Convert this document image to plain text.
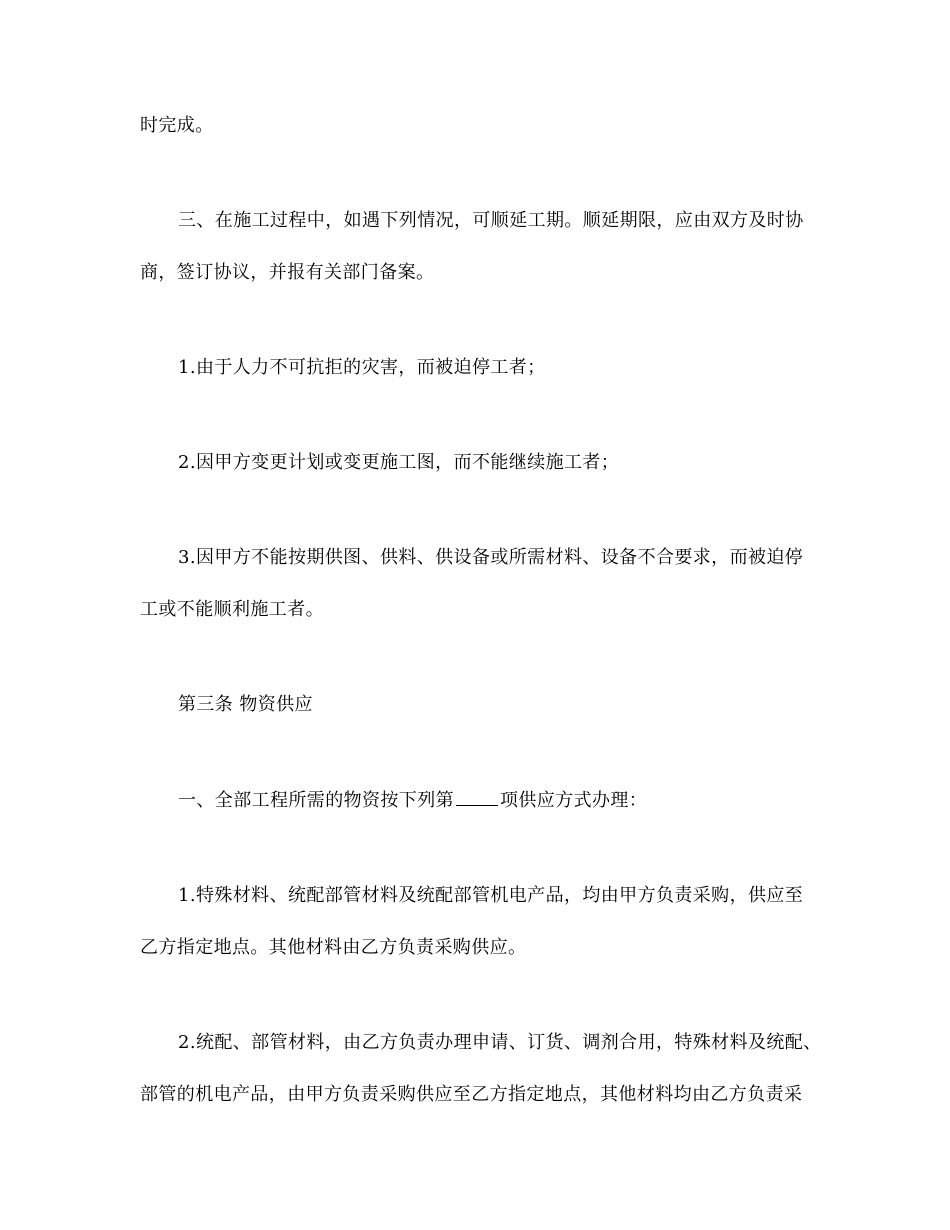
时完成。
三、在施工过程中，如遇下列情况，可顺延工期。顺延期限，应由双方及时协
商，签订协议，并报有关部门备案。
1.由于人力不可抗拒的灾害，而被迫停工者；
2.因甲方变更计划或变更施工图，而不能继续施工者；
3.因甲方不能按期供图、供料、供设备或所需材料、设备不合要求，而被迫停
工或不能顺利施工者。
第三条 物资供应
一、全部工程所需的物资按下列第	项供应方式办理：
1.特殊材料、统配部管材料及统配部管机电产品，均由甲方负责采购，供应至
乙方指定地点。其他材料由乙方负责采购供应。
2.统配、部管材料，由乙方负责办理申请、订货、调剂合用，特殊材料及统配、
部管的机电产品，由甲方负责采购供应至乙方指定地点，其他材料均由乙方负责采
